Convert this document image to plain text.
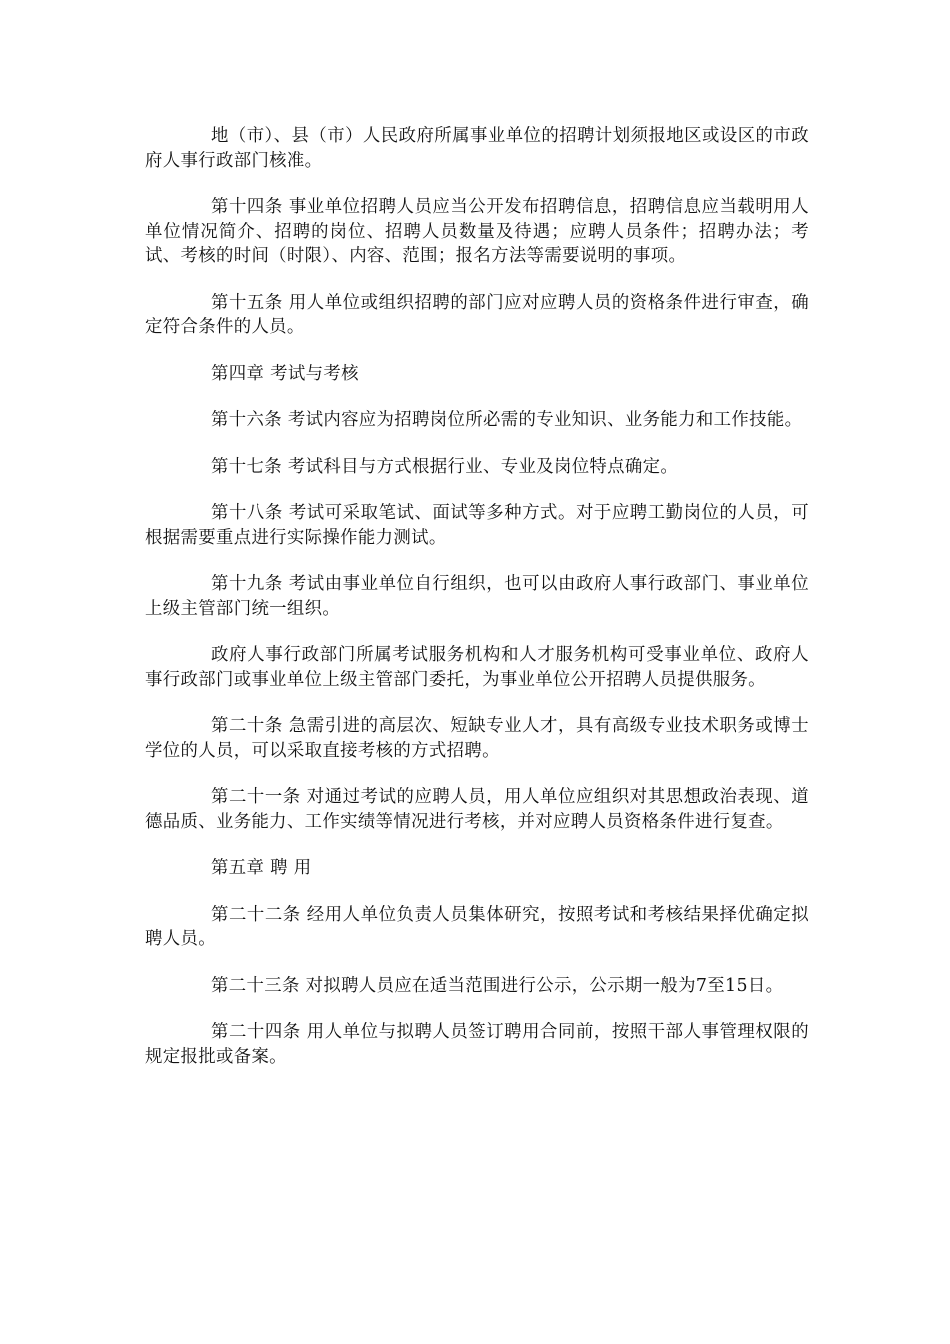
地（市）、县（市）人民政府所属事业单位的招聘计划须报地区或设区的市政府人事行政部门核准。

第十四条 事业单位招聘人员应当公开发布招聘信息，招聘信息应当载明用人单位情况简介、招聘的岗位、招聘人员数量及待遇；应聘人员条件；招聘办法；考试、考核的时间（时限）、内容、范围；报名方法等需要说明的事项。

第十五条 用人单位或组织招聘的部门应对应聘人员的资格条件进行审查，确定符合条件的人员。

第四章 考试与考核

第十六条 考试内容应为招聘岗位所必需的专业知识、业务能力和工作技能。

第十七条 考试科目与方式根据行业、专业及岗位特点确定。

第十八条 考试可采取笔试、面试等多种方式。对于应聘工勤岗位的人员，可根据需要重点进行实际操作能力测试。

第十九条 考试由事业单位自行组织，也可以由政府人事行政部门、事业单位上级主管部门统一组织。

政府人事行政部门所属考试服务机构和人才服务机构可受事业单位、政府人事行政部门或事业单位上级主管部门委托，为事业单位公开招聘人员提供服务。

第二十条 急需引进的高层次、短缺专业人才，具有高级专业技术职务或博士学位的人员，可以采取直接考核的方式招聘。

第二十一条 对通过考试的应聘人员，用人单位应组织对其思想政治表现、道德品质、业务能力、工作实绩等情况进行考核，并对应聘人员资格条件进行复查。

第五章 聘 用

第二十二条 经用人单位负责人员集体研究，按照考试和考核结果择优确定拟聘人员。

第二十三条 对拟聘人员应在适当范围进行公示，公示期一般为7至15日。

第二十四条 用人单位与拟聘人员签订聘用合同前，按照干部人事管理权限的规定报批或备案。
